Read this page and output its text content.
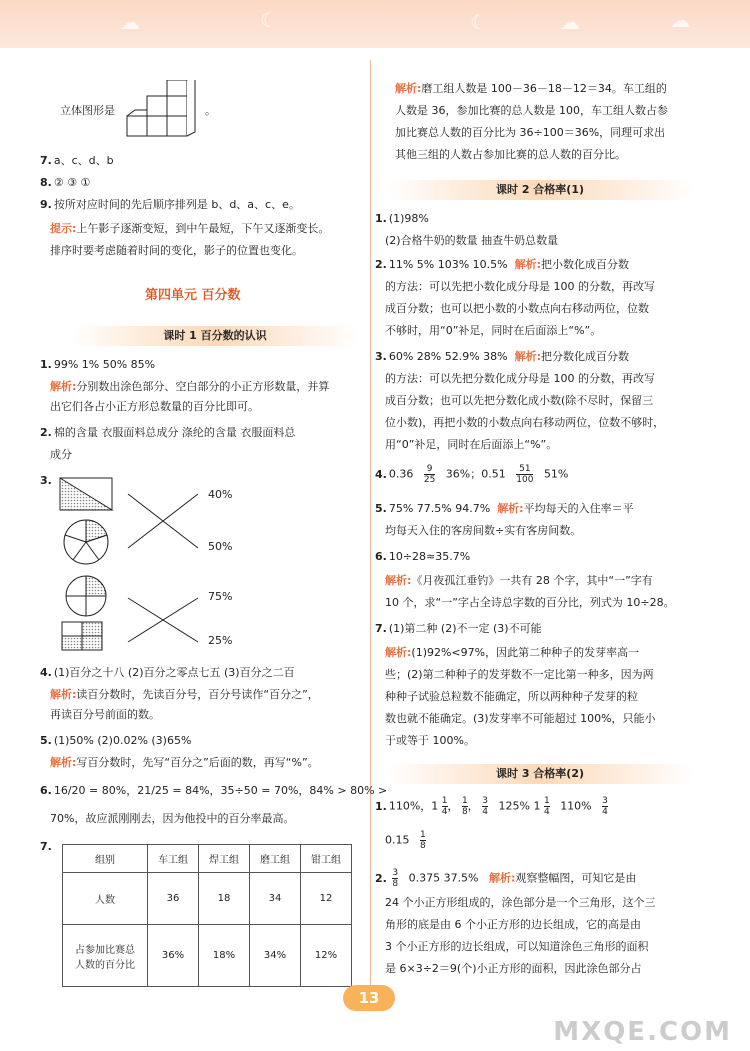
☁	☾	☾	☁	☁
立体图形是	。
7. a、c、d、b
8. ② ③ ①
9. 按所对应时间的先后顺序排列是 b、d、a、c、e。
提示:上午影子逐渐变短，到中午最短，下午又逐渐变长。
排序时要考虑随着时间的变化，影子的位置也变化。
第四单元 百分数
课时 1 百分数的认识
1. 99% 1% 50% 85%
解析:分别数出涂色部分、空白部分的小正方形数量，并算
出它们各占小正方形总数量的百分比即可。
2. 棉的含量 衣服面料总成分 涤纶的含量 衣服面料总
成分
3.
40%
50%
75%
25%
4. (1)百分之十八 (2)百分之零点七五 (3)百分之二百
解析:读百分数时，先读百分号，百分号读作“百分之”，
再读百分号前面的数。
5. (1)50% (2)0.02% (3)65%
解析:写百分数时，先写“百分之”后面的数，再写“%”。
6. 16/20 = 80%，21/25 = 84%，35÷50 = 70%，84% > 80% >
70%，故应派刚刚去，因为他投中的百分率最高。
7.
组别	车工组	焊工组	磨工组	钳工组
人数	36	18	34	12

占参加比赛总
人数的百分比	36%	18%	34%	12%
解析:磨工组人数是 100－36－18－12＝34。车工组的
人数是 36，参加比赛的总人数是 100，车工组人数占参
加比赛总人数的百分比为 36÷100＝36%，同理可求出
其他三组的人数占参加比赛的总人数的百分比。
课时 2 合格率(1)
1. (1)98%
(2)合格牛奶的数量 抽查牛奶总数量
2. 11% 5% 103% 10.5% 解析:把小数化成百分数
的方法：可以先把小数化成分母是 100 的分数，再改写
成百分数；也可以把小数的小数点向右移动两位，位数
不够时，用“0”补足，同时在后面添上“%”。
3. 60% 28% 52.9% 38% 解析:把分数化成百分数
的方法：可以先把分数化成分母是 100 的分数，再改写
成百分数；也可以先把分数化成小数(除不尽时，保留三
位小数)，再把小数的小数点向右移动两位，位数不够时，
用“0”补足，同时在后面添上“%”。
4. $0.36 \frac{9}{25} 36\%$；$0.51 \frac{51}{100} 51\%$
5. 75% 77.5% 94.7% 解析:平均每天的入住率＝平
均每天入住的客房间数÷实有客房间数。
6. 10÷28≈35.7%
解析:《月夜孤江垂钓》一共有 28 个字，其中“一”字有
10 个，求“一”字占全诗总字数的百分比，列式为 10÷28。
7. (1)第二种 (2)不一定 (3)不可能
解析:(1)92%<97%，因此第二种种子的发芽率高一
些；(2)第二种种子的发芽数不一定比第一种多，因为两
种种子试验总粒数不能确定，所以两种种子发芽的粒
数也就不能确定。(3)发芽率不可能超过 100%，只能小
于或等于 100%。
课时 3 合格率(2)
1. 110%，$1 \frac{1}{4}$， $\frac{1}{8}$， $\frac{3}{4} 125\%$ $1 \frac{1}{4} 110\% \frac{3}{4}$
$0.15 \frac{1}{8}$
2. $\frac{3}{8} 0.375$ 37.5% 解析:观察整幅图，可知它是由
24 个小正方形组成的，涂色部分是一个三角形，这个三
角形的底是由 6 个小正方形的边长组成，它的高是由
3 个小正方形的边长组成，可以知道涂色三角形的面积
是 6×3÷2＝9(个)小正方形的面积，因此涂色部分占
13
MXQE.COM
